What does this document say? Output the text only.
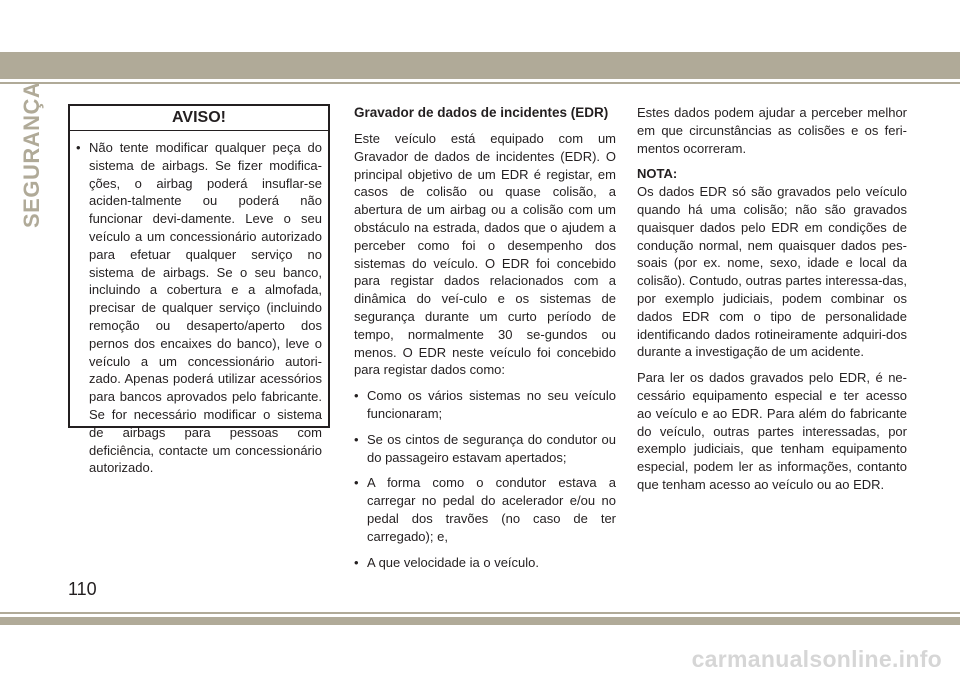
SEGURANÇA	AVISO!
• Não tente modificar qualquer peça do sistema de airbags. Se fizer modifica-ções, o airbag poderá insuflar-se aciden-talmente ou poderá não funcionar devi-damente. Leve o seu veículo a um concessionário autorizado para efetuar qualquer serviço no sistema de airbags. Se o seu banco, incluindo a cobertura e a almofada, precisar de qualquer serviço (incluindo remoção ou desaperto/aperto dos pernos dos encaixes do banco), leve o veículo a um concessionário autori-zado. Apenas poderá utilizar acessórios para bancos aprovados pelo fabricante. Se for necessário modificar o sistema de airbags para pessoas com deficiência, contacte um concessionário autorizado.
Gravador de dados de incidentes (EDR)

Este veículo está equipado com um Gravador de dados de incidentes (EDR). O principal objetivo de um EDR é registar, em casos de colisão ou quase colisão, a abertura de um airbag ou a colisão com um obstáculo na estrada, dados que o ajudem a perceber como foi o desempenho dos sistemas do veículo. O EDR foi concebido para registar dados relacionados com a dinâmica do veí-culo e os sistemas de segurança durante um curto período de tempo, normalmente 30 se-gundos ou menos. O EDR neste veículo foi concebido para registar dados como:

• Como os vários sistemas no seu veículo funcionaram;
• Se os cintos de segurança do condutor ou do passageiro estavam apertados;
• A forma como o condutor estava a carregar no pedal do acelerador e/ou no pedal dos travões (no caso de ter carregado); e,
• A que velocidade ia o veículo.

Estes dados podem ajudar a perceber melhor em que circunstâncias as colisões e os feri-mentos ocorreram.

NOTA:

Os dados EDR só são gravados pelo veículo quando há uma colisão; não são gravados quaisquer dados pelo EDR em condições de condução normal, nem quaisquer dados pes-soais (por ex. nome, sexo, idade e local da colisão). Contudo, outras partes interessa-das, por exemplo judiciais, podem combinar os dados EDR com o tipo de personalidade identificando dados rotineiramente adquiri-dos durante a investigação de um acidente.

Para ler os dados gravados pelo EDR, é ne-cessário equipamento especial e ter acesso ao veículo e ao EDR. Para além do fabricante do veículo, outras partes interessadas, por exemplo judiciais, que tenham equipamento especial, podem ler as informações, contanto que tenham acesso ao veículo ou ao EDR.

110
carmanualsonline.info
